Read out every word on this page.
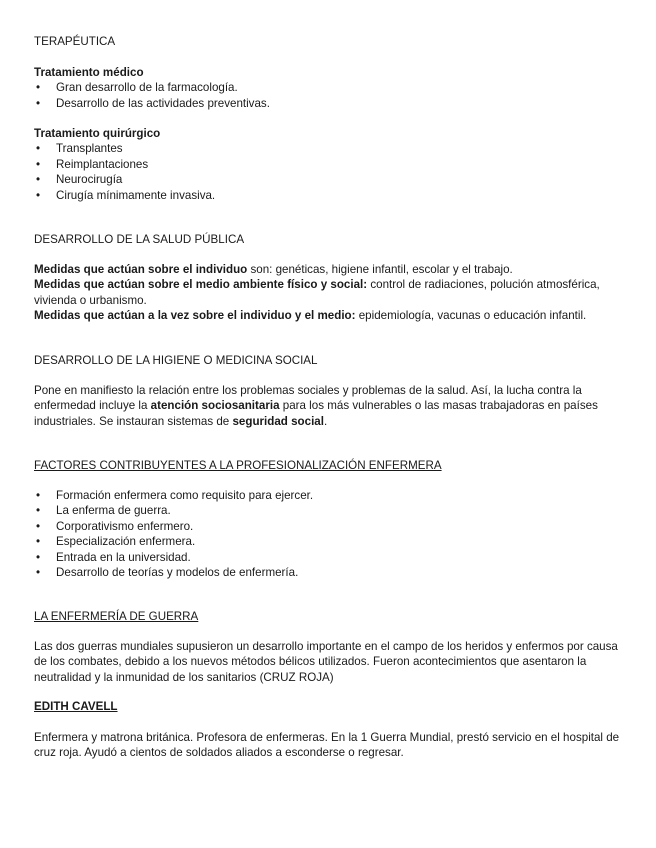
TERAPÉUTICA

Tratamiento médico

• Gran desarrollo de la farmacología.
• Desarrollo de las actividades preventivas.

Tratamiento quirúrgico

• Transplantes
• Reimplantaciones
• Neurocirugía
• Cirugía mínimamente invasiva.

DESARROLLO DE LA SALUD PÚBLICA

Medidas que actúan sobre el individuo son: genéticas, higiene infantil, escolar y el trabajo.

Medidas que actúan sobre el medio ambiente físico y social: control de radiaciones, polución atmosférica, vivienda o urbanismo.

Medidas que actúan a la vez sobre el individuo y el medio: epidemiología, vacunas o educación infantil.

DESARROLLO DE LA HIGIENE O MEDICINA SOCIAL

Pone en manifiesto la relación entre los problemas sociales y problemas de la salud. Así, la lucha contra la enfermedad incluye la atención sociosanitaria para los más vulnerables o las masas trabajadoras en países industriales. Se instauran sistemas de seguridad social.

FACTORES CONTRIBUYENTES A LA PROFESIONALIZACIÓN ENFERMERA

• Formación enfermera como requisito para ejercer.
• La enferma de guerra.
• Corporativismo enfermero.
• Especialización enfermera.
• Entrada en la universidad.
• Desarrollo de teorías y modelos de enfermería.

LA ENFERMERÍA DE GUERRA

Las dos guerras mundiales supusieron un desarrollo importante en el campo de los heridos y enfermos por causa de los combates, debido a los nuevos métodos bélicos utilizados. Fueron acontecimientos que asentaron la neutralidad y la inmunidad de los sanitarios (CRUZ ROJA)

EDITH CAVELL

Enfermera y matrona británica. Profesora de enfermeras. En la 1 Guerra Mundial, prestó servicio en el hospital de cruz roja. Ayudó a cientos de soldados aliados a esconderse o regresar.
